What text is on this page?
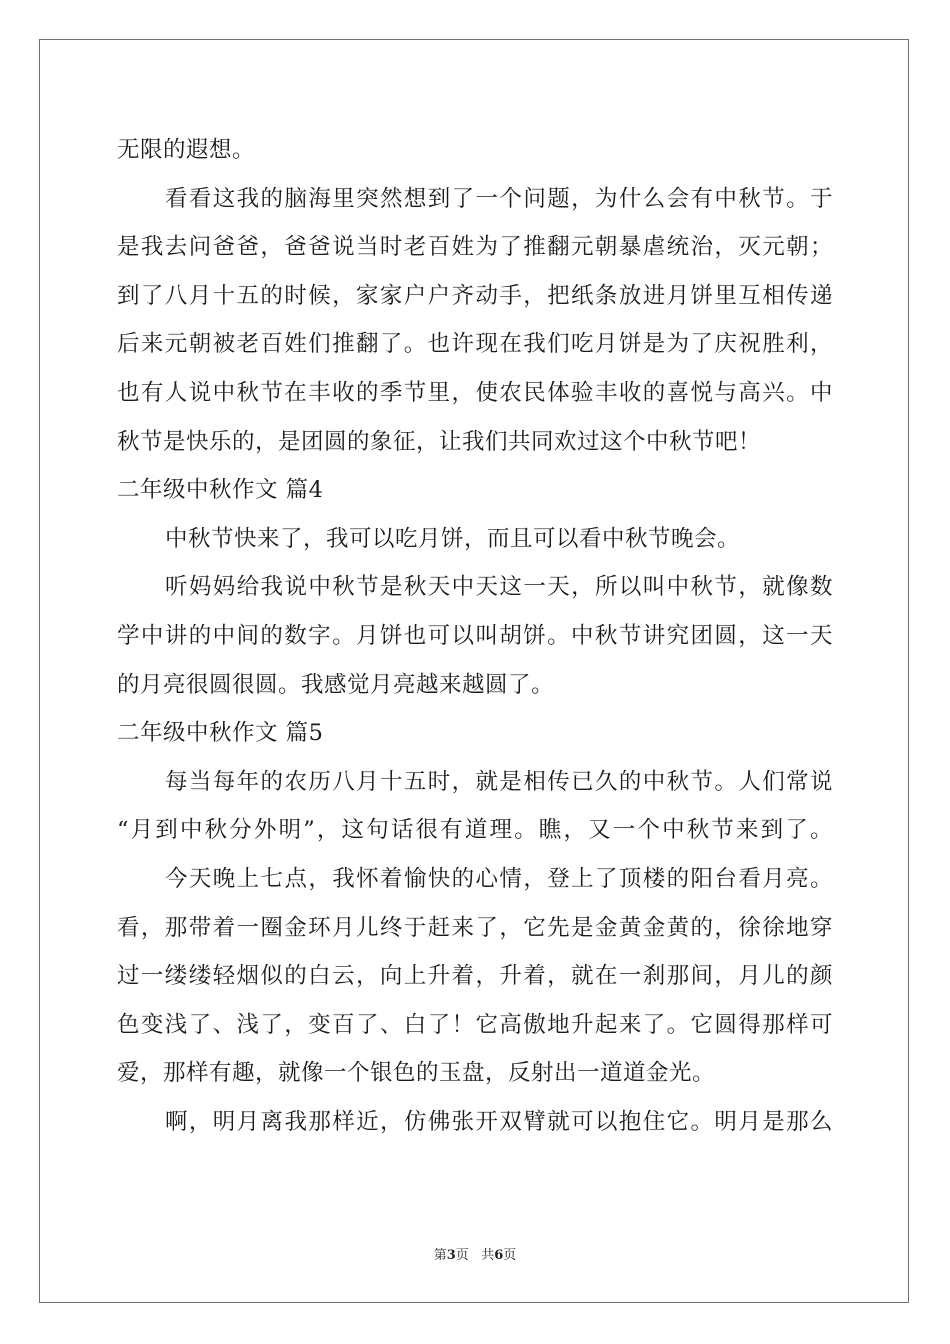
无限的遐想。
看看这我的脑海里突然想到了一个问题，为什么会有中秋节。于
是我去问爸爸，爸爸说当时老百姓为了推翻元朝暴虐统治，灭元朝；
到了八月十五的时候，家家户户齐动手，把纸条放进月饼里互相传递
后来元朝被老百姓们推翻了。也许现在我们吃月饼是为了庆祝胜利，
也有人说中秋节在丰收的季节里，使农民体验丰收的喜悦与高兴。中
秋节是快乐的，是团圆的象征，让我们共同欢过这个中秋节吧！
二年级中秋作文 篇4
中秋节快来了，我可以吃月饼，而且可以看中秋节晚会。
听妈妈给我说中秋节是秋天中天这一天，所以叫中秋节，就像数
学中讲的中间的数字。月饼也可以叫胡饼。中秋节讲究团圆，这一天
的月亮很圆很圆。我感觉月亮越来越圆了。
二年级中秋作文 篇5
每当每年的农历八月十五时，就是相传已久的中秋节。人们常说
“月到中秋分外明”，这句话很有道理。瞧，又一个中秋节来到了。
今天晚上七点，我怀着愉快的心情，登上了顶楼的阳台看月亮。
看，那带着一圈金环月儿终于赶来了，它先是金黄金黄的，徐徐地穿
过一缕缕轻烟似的白云，向上升着，升着，就在一刹那间，月儿的颜
色变浅了、浅了，变百了、白了！它高傲地升起来了。它圆得那样可
爱，那样有趣，就像一个银色的玉盘，反射出一道道金光。
啊，明月离我那样近，仿佛张开双臂就可以抱住它。明月是那么
第3页 共6页
